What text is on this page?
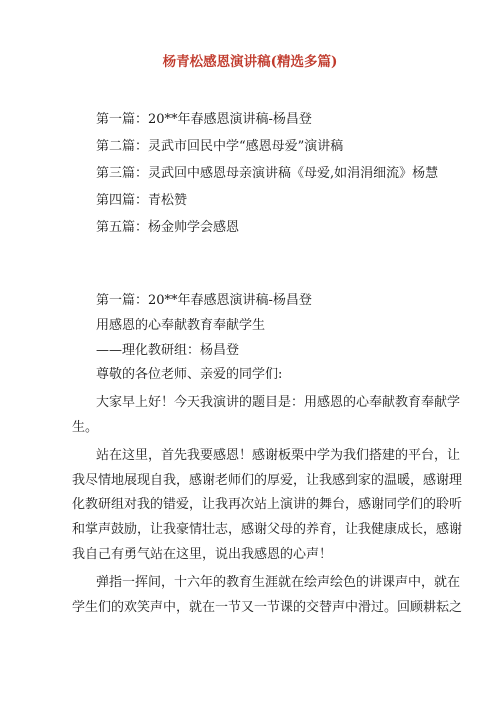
杨青松感恩演讲稿(精选多篇)
第一篇：20**年春感恩演讲稿-杨昌登
第二篇：灵武市回民中学“感恩母爱”演讲稿
第三篇：灵武回中感恩母亲演讲稿《母爱,如涓涓细流》杨慧
第四篇：青松赞
第五篇：杨金帅学会感恩
第一篇：20**年春感恩演讲稿-杨昌登
用感恩的心奉献教育奉献学生
——理化教研组：杨昌登
尊敬的各位老师、亲爱的同学们:
大家早上好！今天我演讲的题目是：用感恩的心奉献教育奉献学
生。
站在这里，首先我要感恩！感谢板栗中学为我们搭建的平台，让
我尽情地展现自我，感谢老师们的厚爱，让我感到家的温暖，感谢理
化教研组对我的错爱，让我再次站上演讲的舞台，感谢同学们的聆听
和掌声鼓励，让我豪情壮志，感谢父母的养育，让我健康成长，感谢
我自己有勇气站在这里，说出我感恩的心声！
弹指一挥间，十六年的教育生涯就在绘声绘色的讲课声中，就在
学生们的欢笑声中，就在一节又一节课的交替声中滑过。回顾耕耘之
